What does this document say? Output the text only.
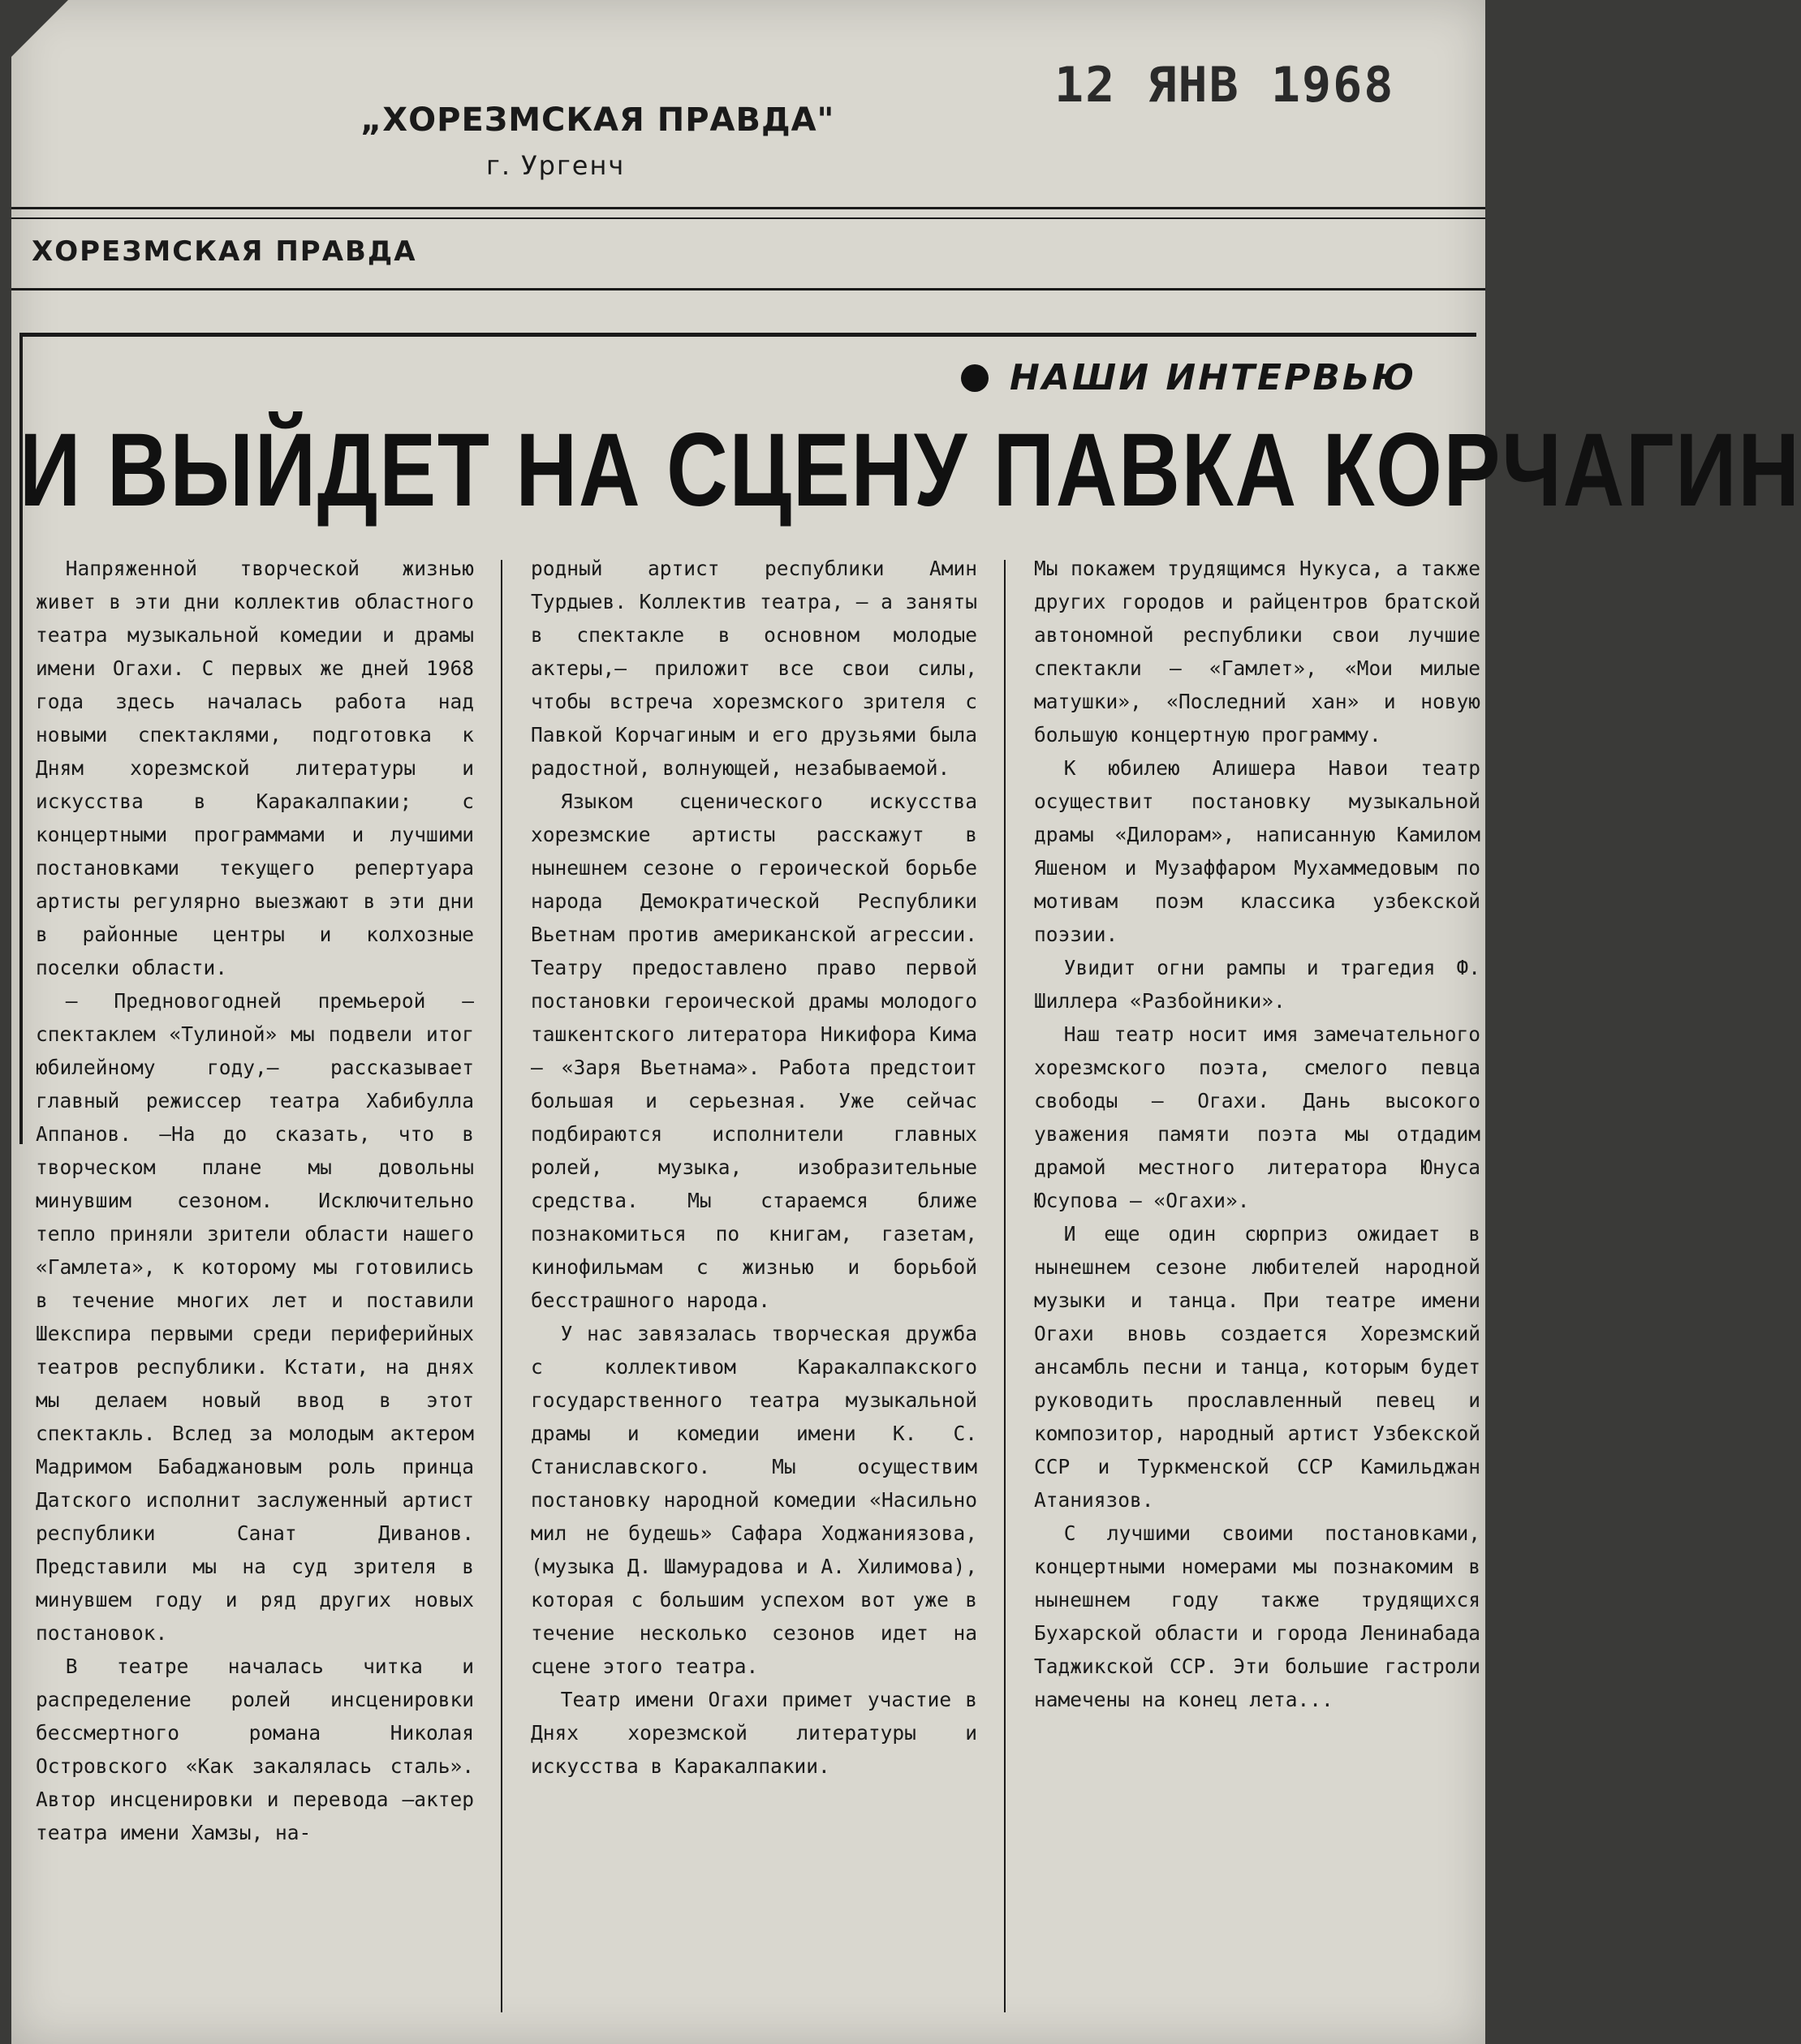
„ХОРЕЗМСКАЯ ПРАВДА"
г. Ургенч
12 ЯНВ 1968
ХОРЕЗМСКАЯ ПРАВДА
НАШИ ИНТЕРВЬЮ
И ВЫЙДЕТ НА СЦЕНУ ПАВКА КОРЧАГИН

Напряженной творческой жизнью живет в эти дни коллектив областного театра музыкальной комедии и драмы имени Огахи. С первых же дней 1968 года здесь началась работа над новыми спектаклями, подготовка к Дням хорезмской литературы и искусства в Каракалпакии; с концертными программами и лучшими постановками текущего репертуара артисты регулярно выезжают в эти дни в районные центры и колхозные поселки области.

— Предновогодней премьерой — спектаклем «Тулиной» мы подвели итог юбилейному году,— рассказывает главный режиссер театра Хабибулла Аппанов. —На до сказать, что в творческом плане мы довольны минувшим сезоном. Исключительно тепло приняли зрители области нашего «Гамлета», к которому мы готовились в течение многих лет и поставили Шекспира первыми среди периферийных театров республики. Кстати, на днях мы делаем новый ввод в этот спектакль. Вслед за молодым актером Мадримом Бабаджановым роль принца Датского исполнит заслуженный артист республики Санат Диванов. Представили мы на суд зрителя в минувшем году и ряд других новых постановок.

В театре началась читка и распределение ролей инсценировки бессмертного романа Николая Островского «Как закалялась сталь». Автор инсценировки и перевода —актер театра имени Хамзы, на-

родный артист республики Амин Турдыев. Коллектив театра, — а заняты в спектакле в основном молодые актеры,— приложит все свои силы, чтобы встреча хорезмского зрителя с Павкой Корчагиным и его друзьями была радостной, волнующей, незабываемой.

Языком сценического искусства хорезмские артисты расскажут в нынешнем сезоне о героической борьбе народа Демократической Республики Вьетнам против американской агрессии. Театру предоставлено право первой постановки героической драмы молодого ташкентского литератора Никифора Кима — «Заря Вьетнама». Работа предстоит большая и серьезная. Уже сейчас подбираются исполнители главных ролей, музыка, изобразительные средства. Мы стараемся ближе познакомиться по книгам, газетам, кинофильмам с жизнью и борьбой бесстрашного народа.

У нас завязалась творческая дружба с коллективом Каракалпакского государственного театра музыкальной драмы и комедии имени К. С. Станиславского. Мы осуществим постановку народной комедии «Насильно мил не будешь» Сафара Ходжаниязова, (музыка Д. Шамурадова и А. Хилимова), которая с большим успехом вот уже в течение несколько сезонов идет на сцене этого театра.

Театр имени Огахи примет участие в Днях хорезмской литературы и искусства в Каракалпакии.

Мы покажем трудящимся Нукуса, а также других городов и райцентров братской автономной республики свои лучшие спектакли — «Гамлет», «Мои милые матушки», «Последний хан» и новую большую концертную программу.

К юбилею Алишера Навои театр осуществит постановку музыкальной драмы «Дилорам», написанную Камилом Яшеном и Музаффаром Мухаммедовым по мотивам поэм классика узбекской поэзии.

Увидит огни рампы и трагедия Ф. Шиллера «Разбойники».

Наш театр носит имя замечательного хорезмского поэта, смелого певца свободы — Огахи. Дань высокого уважения памяти поэта мы отдадим драмой местного литератора Юнуса Юсупова — «Огахи».

И еще один сюрприз ожидает в нынешнем сезоне любителей народной музыки и танца. При театре имени Огахи вновь создается Хорезмский ансамбль песни и танца, которым будет руководить прославленный певец и композитор, народный артист Узбекской ССР и Туркменской ССР Камильджан Атаниязов.

С лучшими своими постановками, концертными номерами мы познакомим в нынешнем году также трудящихся Бухарской области и города Ленинабада Таджикской ССР. Эти большие гастроли намечены на конец лета...
